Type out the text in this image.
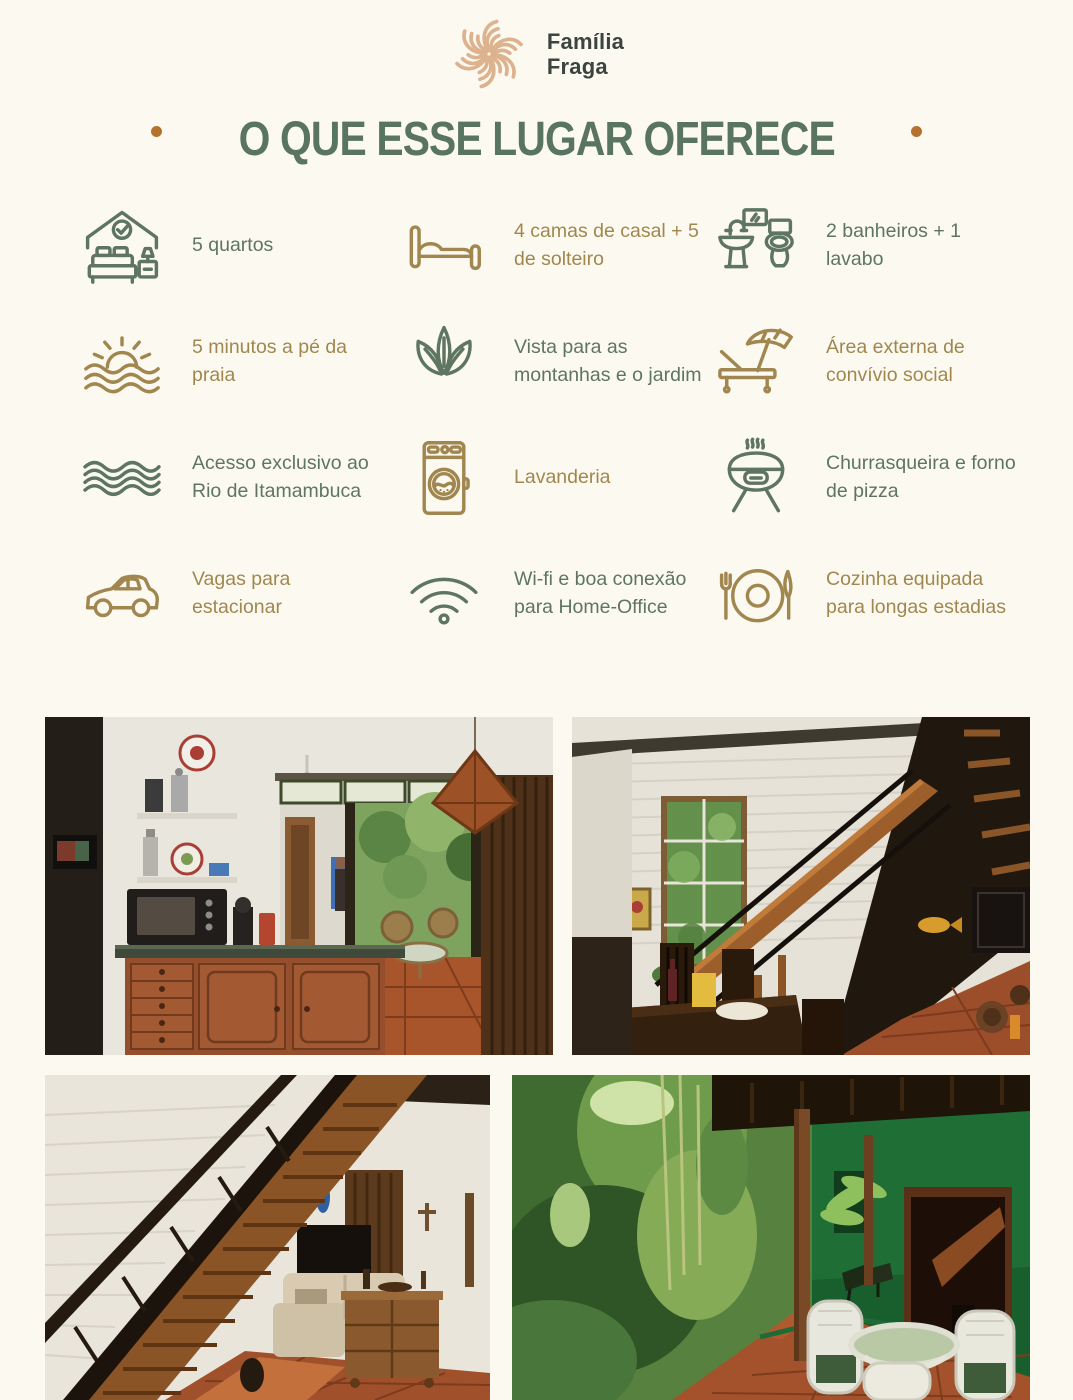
Família
Fraga
O QUE ESSE LUGAR OFERECE
5 quartos
4 camas de casal + 5 de solteiro
2 banheiros + 1 lavabo
5 minutos a pé da praia
Vista para as montanhas e o jardim
Área externa de convívio social
Acesso exclusivo ao Rio de Itamambuca
Lavanderia
Churrasqueira e forno de pizza
Vagas para estacionar
Wi-fi e boa conexão para Home-Office
Cozinha equipada para longas estadias
